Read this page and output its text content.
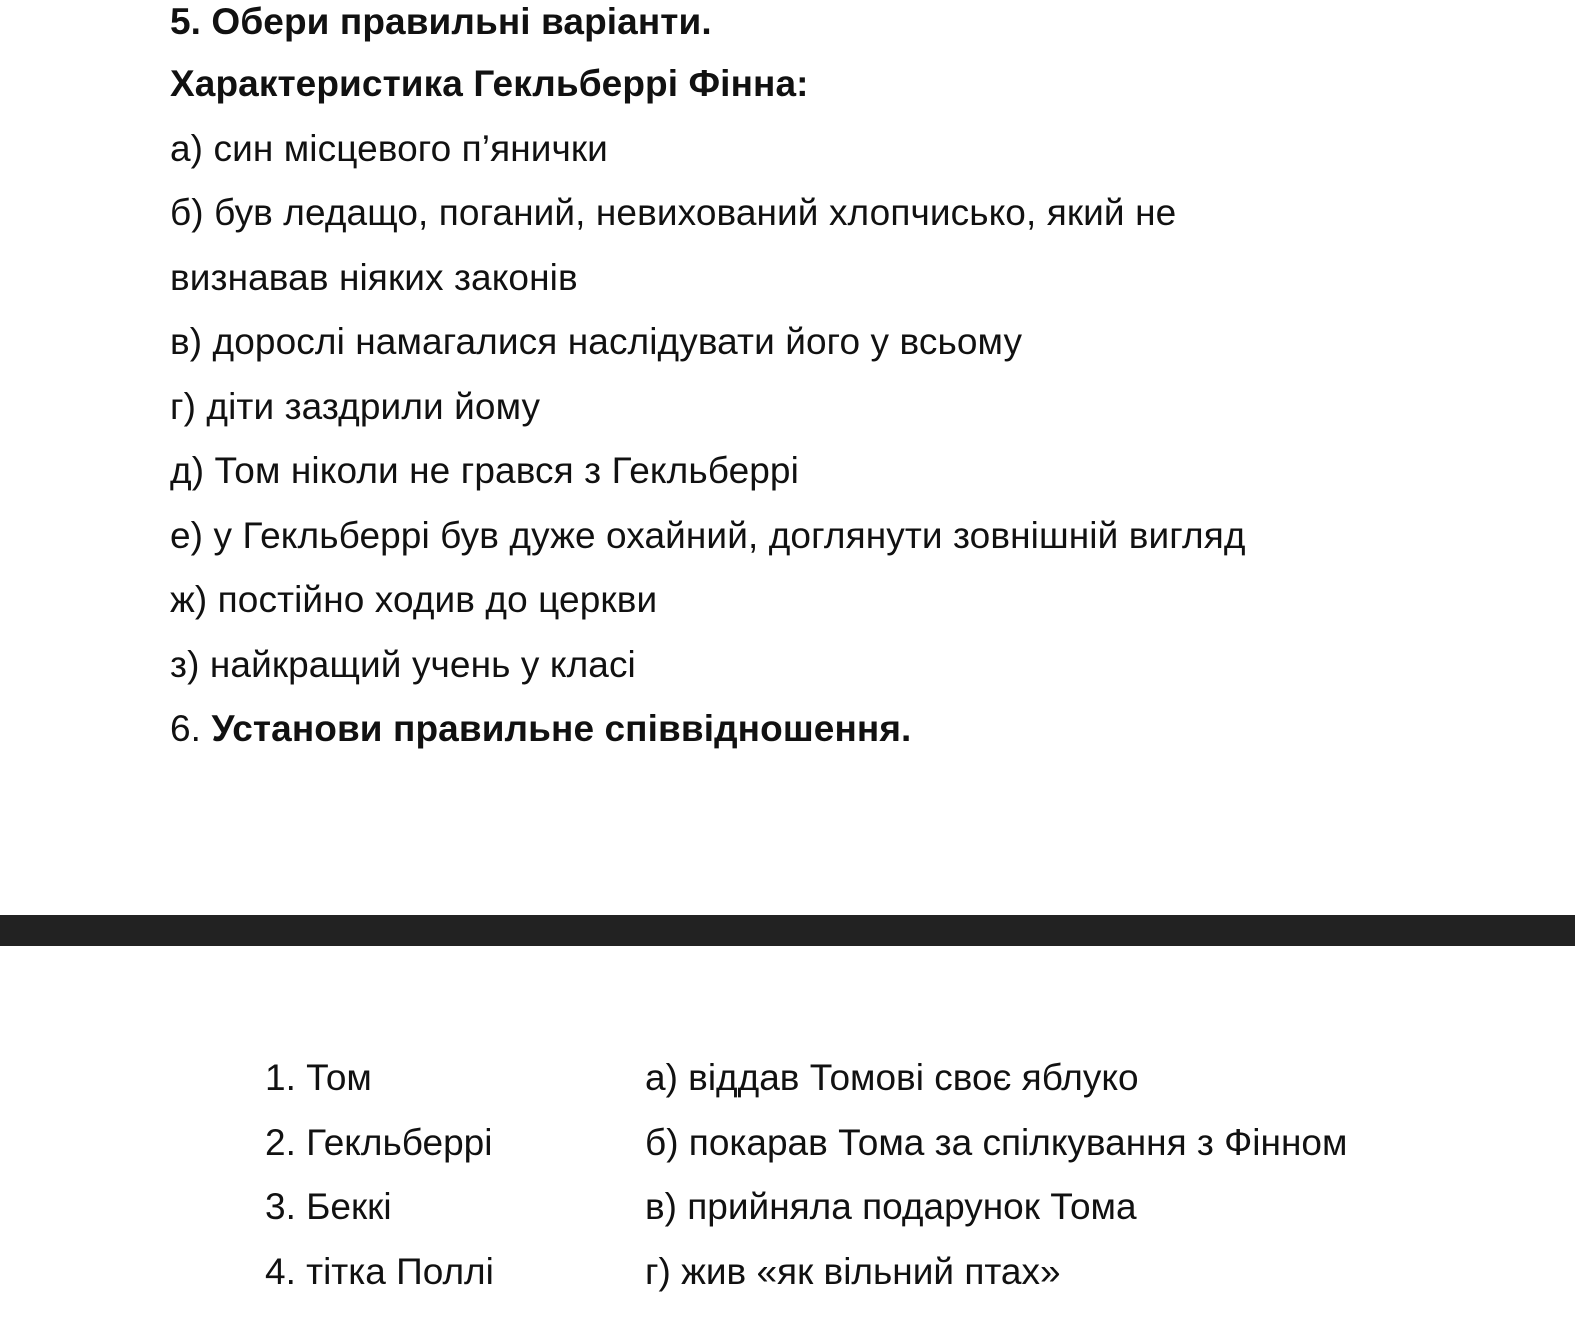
5. Обери правильні варіанти.
Характеристика Гекльберрі Фінна:
а) син місцевого п’янички
б) був ледащо, поганий, невихований хлопчисько, який не
визнавав ніяких законів
в) дорослі намагалися наслідувати його у всьому
г) діти заздрили йому
д) Том ніколи не грався з Гекльберрі
е) у Гекльберрі був дуже охайний, доглянути зовнішній вигляд
ж) постійно ходив до церкви
з) найкращий учень у класі
6. Установи правильне співвідношення.
1. Том	а) віддав Томові своє яблуко
2. Гекльберрі	б) покарав Тома за спілкування з Фінном
3. Беккі	в) прийняла подарунок Тома
4. тітка Поллі	г) жив «як вільний птах»
